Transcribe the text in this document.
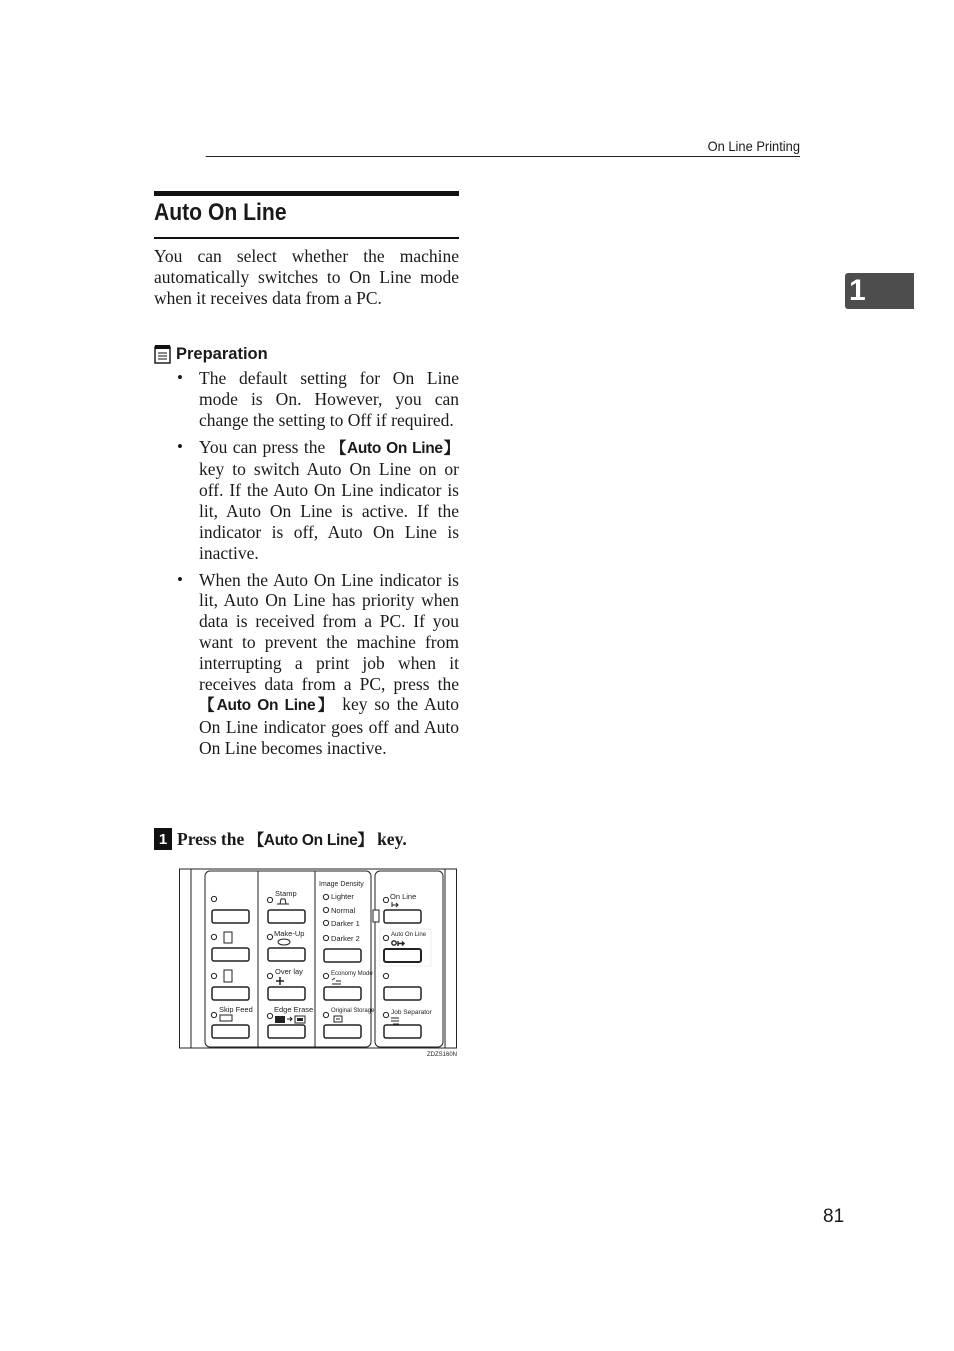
On Line Printing
1
Auto On Line

You can select whether the machine automatically switches to On Line mode when it receives data from a PC.

Preparation
• The default setting for On Line mode is On. However, you can change the setting to Off if required.
• You can press the 【Auto On Line】 key to switch Auto On Line on or off. If the Auto On Line indicator is lit, Auto On Line is active. If the indicator is off, Auto On Line is inactive.
• When the Auto On Line indicator is lit, Auto On Line has priority when data is received from a PC. If you want to prevent the machine from interrupting a print job when it receives data from a PC, press the 【Auto On Line】 key so the Auto On Line indicator goes off and Auto On Line becomes inactive.
1 Press the 【Auto On Line】 key.
Skip Feed
Stamp
Make-Up
Over lay
Edge Erase
Image Density
Lighter
Normal
Darker 1
Darker 2
Economy Mode
Original Storage
On Line
Auto On Line
Job Separator
ZDZS160N
81
